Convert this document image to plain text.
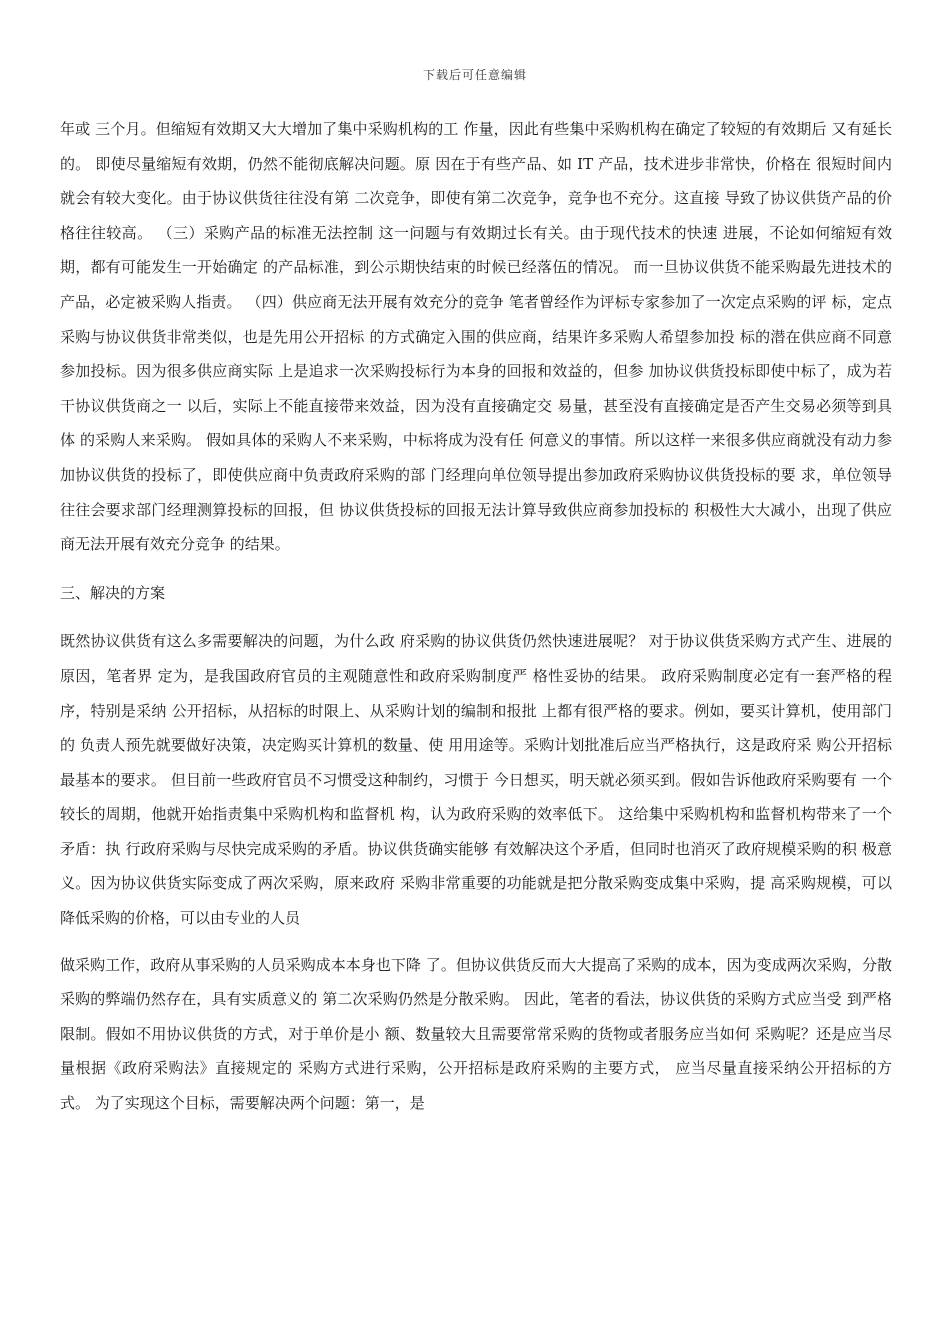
下载后可任意编辑

年或 三个月。但缩短有效期又大大增加了集中采购机构的工 作量，因此有些集中采购机构在确定了较短的有效期后 又有延长的。 即使尽量缩短有效期，仍然不能彻底解决问题。原 因在于有些产品、如 IT 产品，技术进步非常快，价格在 很短时间内就会有较大变化。由于协议供货往往没有第 二次竞争，即使有第二次竞争，竞争也不充分。这直接 导致了协议供货产品的价格往往较高。 （三）采购产品的标准无法控制 这一问题与有效期过长有关。由于现代技术的快速 进展，不论如何缩短有效期，都有可能发生一开始确定 的产品标准，到公示期快结束的时候已经落伍的情况。 而一旦协议供货不能采购最先进技术的产品，必定被采购人指责。 （四）供应商无法开展有效充分的竞争 笔者曾经作为评标专家参加了一次定点采购的评 标，定点采购与协议供货非常类似，也是先用公开招标 的方式确定入围的供应商，结果许多采购人希望参加投 标的潜在供应商不同意参加投标。因为很多供应商实际 上是追求一次采购投标行为本身的回报和效益的，但参 加协议供货投标即使中标了，成为若干协议供货商之一 以后，实际上不能直接带来效益，因为没有直接确定交 易量，甚至没有直接确定是否产生交易必须等到具体 的采购人来采购。 假如具体的采购人不来采购，中标将成为没有任 何意义的事情。所以这样一来很多供应商就没有动力参 加协议供货的投标了，即使供应商中负责政府采购的部 门经理向单位领导提出参加政府采购协议供货投标的要 求，单位领导往往会要求部门经理测算投标的回报，但 协议供货投标的回报无法计算导致供应商参加投标的 积极性大大减小，出现了供应商无法开展有效充分竞争 的结果。

三、解决的方案

既然协议供货有这么多需要解决的问题，为什么政 府采购的协议供货仍然快速进展呢？ 对于协议供货采购方式产生、进展的原因，笔者界 定为，是我国政府官员的主观随意性和政府采购制度严 格性妥协的结果。 政府采购制度必定有一套严格的程序，特别是采纳 公开招标，从招标的时限上、从采购计划的编制和报批 上都有很严格的要求。例如，要买计算机，使用部门的 负责人预先就要做好决策，决定购买计算机的数量、使 用用途等。采购计划批准后应当严格执行，这是政府采 购公开招标最基本的要求。 但目前一些政府官员不习惯受这种制约，习惯于 今日想买，明天就必须买到。假如告诉他政府采购要有 一个较长的周期，他就开始指责集中采购机构和监督机 构，认为政府采购的效率低下。 这给集中采购机构和监督机构带来了一个矛盾：执 行政府采购与尽快完成采购的矛盾。协议供货确实能够 有效解决这个矛盾，但同时也消灭了政府规模采购的积 极意义。因为协议供货实际变成了两次采购，原来政府 采购非常重要的功能就是把分散采购变成集中采购，提 高采购规模，可以降低采购的价格，可以由专业的人员

做采购工作，政府从事采购的人员采购成本本身也下降 了。但协议供货反而大大提高了采购的成本，因为变成两次采购，分散采购的弊端仍然存在，具有实质意义的 第二次采购仍然是分散采购。 因此，笔者的看法，协议供货的采购方式应当受 到严格限制。假如不用协议供货的方式，对于单价是小 额、数量较大且需要常常采购的货物或者服务应当如何 采购呢？还是应当尽量根据《政府采购法》直接规定的 采购方式进行采购，公开招标是政府采购的主要方式， 应当尽量直接采纳公开招标的方式。 为了实现这个目标，需要解决两个问题：第一，是
